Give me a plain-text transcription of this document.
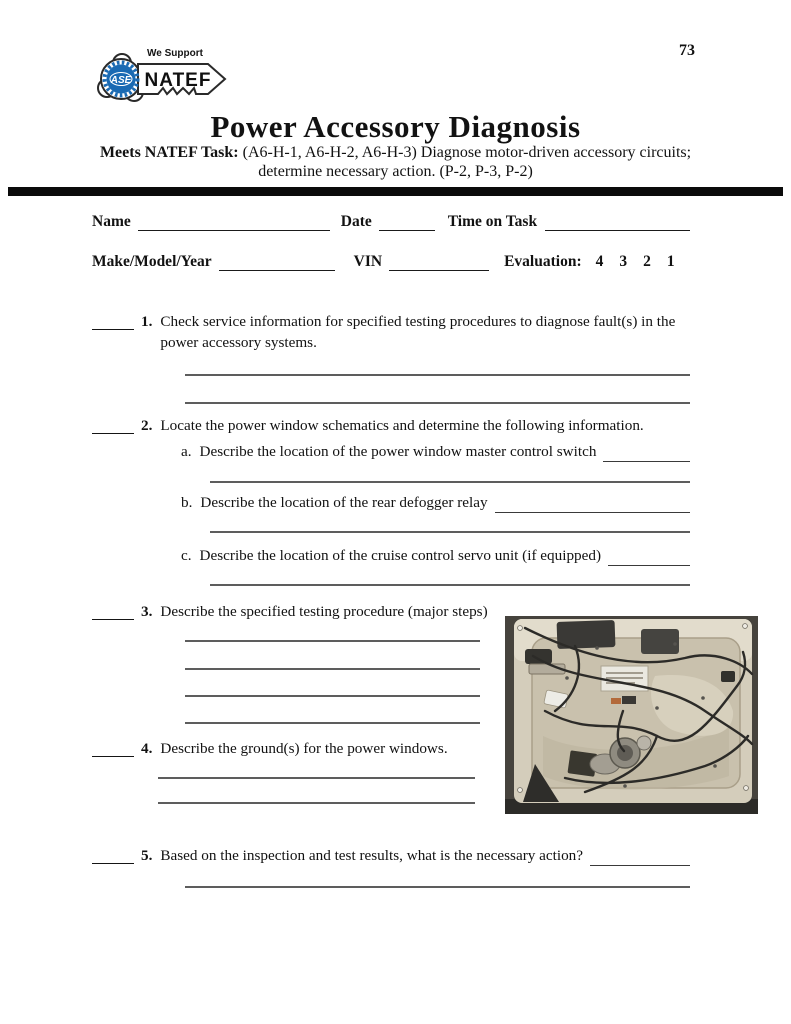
We Support
NATEF
ASE
73
Power Accessory Diagnosis
Meets NATEF Task: (A6-H-1, A6-H-2, A6-H-3) Diagnose motor-driven accessory circuits;
determine necessary action. (P-2, P-3, P-2)
Name	Date	Time on Task
Make/Model/Year	VIN	Evaluation: 4 3 2 1
1. Check service information for specified testing procedures to diagnose fault(s) in the power accessory systems.
2. Locate the power window schematics and determine the following information.
a. Describe the location of the power window master control switch
b. Describe the location of the rear defogger relay
c. Describe the location of the cruise control servo unit (if equipped)
3. Describe the specified testing procedure (major steps)
4. Describe the ground(s) for the power windows.
5. Based on the inspection and test results, what is the necessary action?
